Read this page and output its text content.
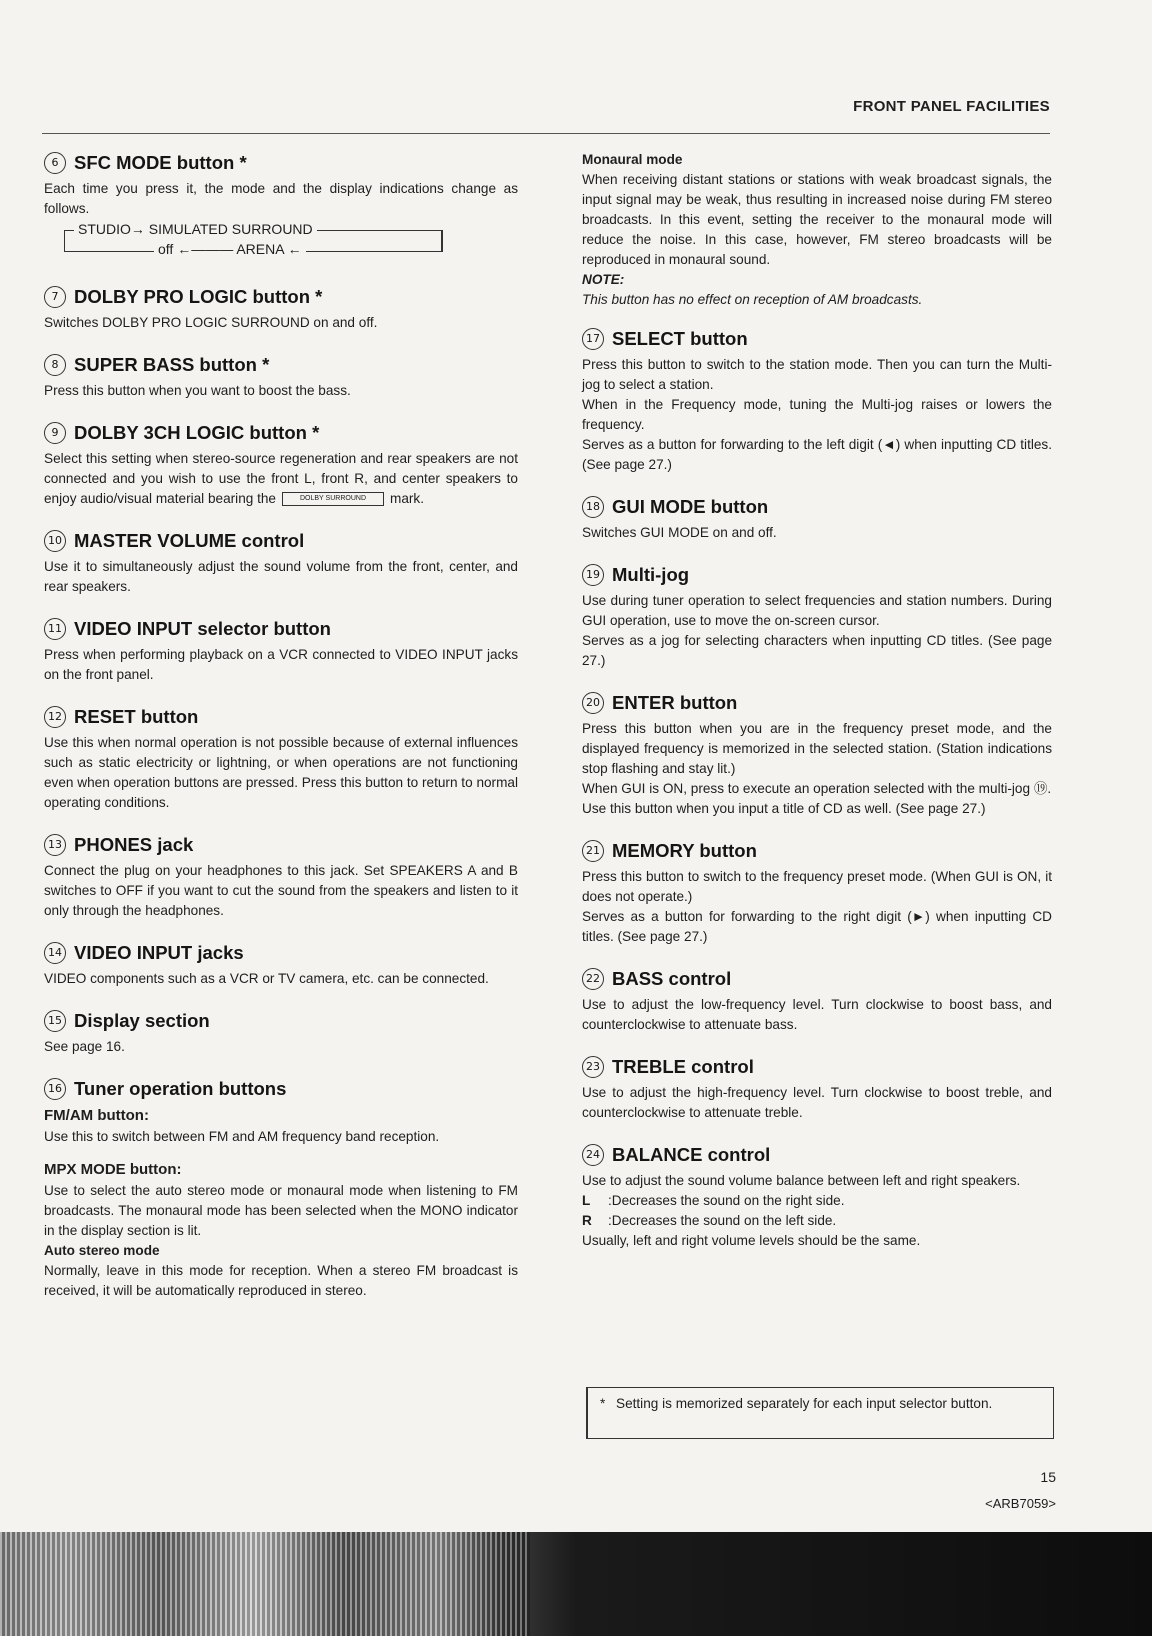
FRONT PANEL FACILITIES
6 SFC MODE button *

Each time you press it, the mode and the display indications change as follows.

STUDIO→ SIMULATED SURROUND
off ←——— ARENA ←
7 DOLBY PRO LOGIC button *

Switches DOLBY PRO LOGIC SURROUND on and off.

8 SUPER BASS button *

Press this button when you want to boost the bass.

9 DOLBY 3CH LOGIC button *

Select this setting when stereo-source regeneration and rear speakers are not connected and you wish to use the front L, front R, and center speakers to enjoy audio/visual material bearing the	DOLBY SURROUND mark.

10 MASTER VOLUME control

Use it to simultaneously adjust the sound volume from the front, center, and rear speakers.

11 VIDEO INPUT selector button

Press when performing playback on a VCR connected to VIDEO INPUT jacks on the front panel.

12 RESET button

Use this when normal operation is not possible because of external influences such as static electricity or lightning, or when operations are not functioning even when operation buttons are pressed. Press this button to return to normal operating conditions.

13 PHONES jack

Connect the plug on your headphones to this jack. Set SPEAKERS A and B switches to OFF if you want to cut the sound from the speakers and listen to it only through the headphones.

14 VIDEO INPUT jacks

VIDEO components such as a VCR or TV camera, etc. can be connected.

15 Display section

See page 16.

16 Tuner operation buttons
FM/AM button:

Use this to switch between FM and AM frequency band reception.

MPX MODE button:

Use to select the auto stereo mode or monaural mode when listening to FM broadcasts. The monaural mode has been selected when the MONO indicator in the display section is lit.

Auto stereo mode

Normally, leave in this mode for reception. When a stereo FM broadcast is received, it will be automatically reproduced in stereo.

Monaural mode

When receiving distant stations or stations with weak broadcast signals, the input signal may be weak, thus resulting in increased noise during FM stereo broadcasts. In this event, setting the receiver to the monaural mode will reduce the noise. In this case, however, FM stereo broadcasts will be reproduced in monaural sound.

NOTE:

This button has no effect on reception of AM broadcasts.

17 SELECT button

Press this button to switch to the station mode. Then you can turn the Multi-jog to select a station.

When in the Frequency mode, tuning the Multi-jog raises or lowers the frequency.

Serves as a button for forwarding to the left digit (◄) when inputting CD titles. (See page 27.)

18 GUI MODE button

Switches GUI MODE on and off.

19 Multi-jog

Use during tuner operation to select frequencies and station numbers. During GUI operation, use to move the on-screen cursor.

Serves as a jog for selecting characters when inputting CD titles. (See page 27.)

20 ENTER button

Press this button when you are in the frequency preset mode, and the displayed frequency is memorized in the selected station. (Station indications stop flashing and stay lit.)

When GUI is ON, press to execute an operation selected with the multi-jog ⑲.

Use this button when you input a title of CD as well. (See page 27.)

21 MEMORY button

Press this button to switch to the frequency preset mode. (When GUI is ON, it does not operate.)

Serves as a button for forwarding to the right digit (►) when inputting CD titles. (See page 27.)

22 BASS control

Use to adjust the low-frequency level. Turn clockwise to boost bass, and counterclockwise to attenuate bass.

23 TREBLE control

Use to adjust the high-frequency level. Turn clockwise to boost treble, and counterclockwise to attenuate treble.

24 BALANCE control

Use to adjust the sound volume balance between left and right speakers.

L	:Decreases the sound on the right side.
R	:Decreases the sound on the left side.

Usually, left and right volume levels should be the same.

* Setting is memorized separately for each input selector button.
15
<ARB7059>
